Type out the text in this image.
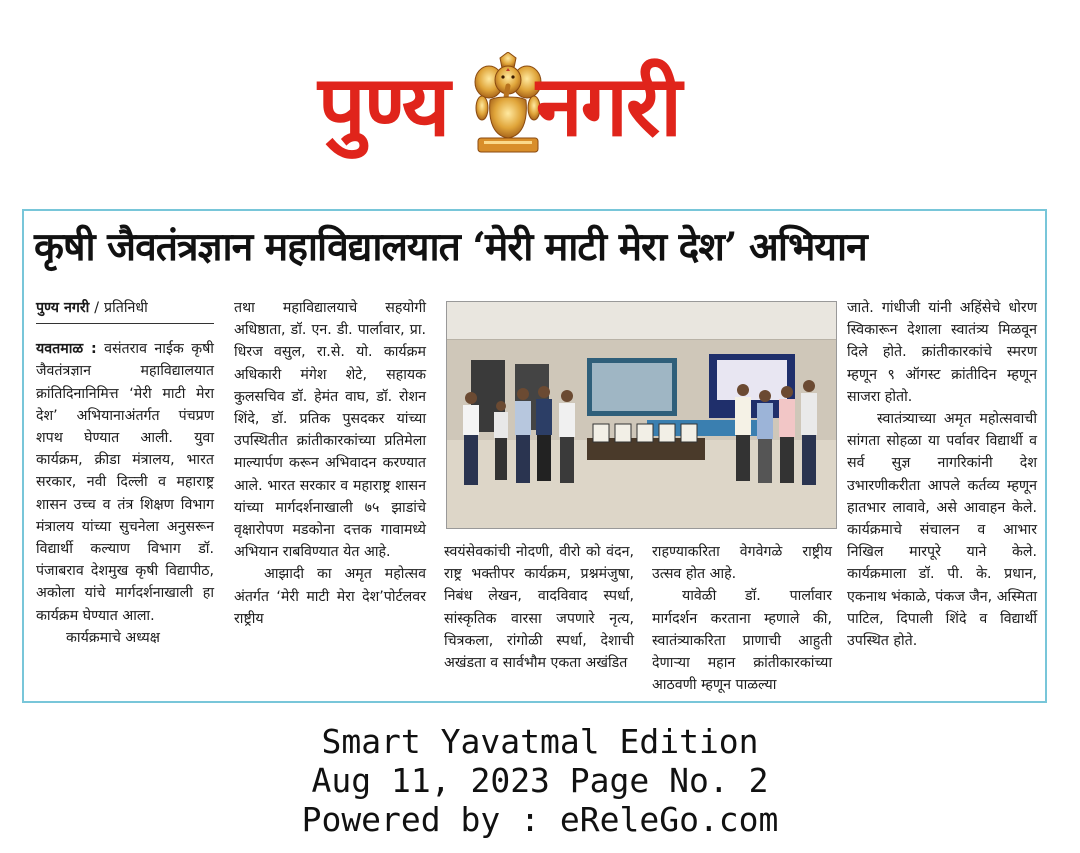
पुण्य नगरी
कृषी जैवतंत्रज्ञान महाविद्यालयात ‘मेरी माटी मेरा देश’ अभियान
पुण्य नगरी / प्रतिनिधी

यवतमाळ : वसंतराव नाईक कृषी जैवतंत्रज्ञान महाविद्यालयात क्रांतिदिनानिमित्त ‘मेरी माटी मेरा देश’ अभियानाअंतर्गत पंचप्रण शपथ घेण्यात आली. युवा कार्यक्रम, क्रीडा मंत्रालय, भारत सरकार, नवी दिल्ली व महाराष्ट्र शासन उच्च व तंत्र शिक्षण विभाग मंत्रालय यांच्या सुचनेला अनुसरून विद्यार्थी कल्याण विभाग डॉ. पंजाबराव देशमुख कृषी विद्यापीठ, अकोला यांचे मार्गदर्शनाखाली हा कार्यक्रम घेण्यात आला.

कार्यक्रमाचे अध्यक्ष

तथा महाविद्यालयाचे सहयोगी अधिष्ठाता, डॉ. एन. डी. पार्लावार, प्रा. धिरज वसुल, रा.से. यो. कार्यक्रम अधिकारी मंगेश शेटे, सहायक कुलसचिव डॉ. हेमंत वाघ, डॉ. रोशन शिंदे, डॉ. प्रतिक पुसदकर यांच्या उपस्थितीत क्रांतीकारकांच्या प्रतिमेला माल्यार्पण करून अभिवादन करण्यात आले. भारत सरकार व महाराष्ट्र शासन यांच्या मार्गदर्शनाखाली ७५ झाडांचे वृक्षारोपण मडकोना दत्तक गावामध्ये अभियान राबविण्यात येत आहे.

आझादी का अमृत महोत्सव अंतर्गत ‘मेरी माटी मेरा देश’पोर्टलवर राष्ट्रीय

स्वयंसेवकांची नोदणी, वीरो को वंदन, राष्ट्र भक्तीपर कार्यक्रम, प्रश्नमंजुषा, निबंध लेखन, वादविवाद स्पर्धा, सांस्कृतिक वारसा जपणारे नृत्य, चित्रकला, रांगोळी स्पर्धा, देशाची अखंडता व सार्वभौम एकता अखंडित

राहण्याकरिता वेगवेगळे राष्ट्रीय उत्सव होत आहे.

यावेळी डॉ. पार्लावार मार्गदर्शन करताना म्हणाले की, स्वातंत्र्याकरिता प्राणाची आहुती देणाऱ्या महान क्रांतीकारकांच्या आठवणी म्हणून पाळल्या

जाते. गांधीजी यांनी अहिंसेचे धोरण स्विकारून देशाला स्वातंत्र्य मिळवून दिले होते. क्रांतीकारकांचे स्मरण म्हणून ९ ऑगस्ट क्रांतीदिन म्हणून साजरा होतो.

स्वातंत्र्याच्या अमृत महोत्सवाची सांगता सोहळा या पर्वावर विद्यार्थी व सर्व सुज्ञ नागरिकांनी देश उभारणीकरीता आपले कर्तव्य म्हणून हातभार लावावे, असे आवाहन केले. कार्यक्रमाचे संचालन व आभार निखिल मारपूरे याने केले. कार्यक्रमाला डॉ. पी. के. प्रधान, एकनाथ भंकाळे, पंकज जैन, अस्मिता पाटिल, दिपाली शिंदे व विद्यार्थी उपस्थित होते.

Smart Yavatmal Edition
Aug 11, 2023 Page No. 2
Powered by : eReleGo.com
